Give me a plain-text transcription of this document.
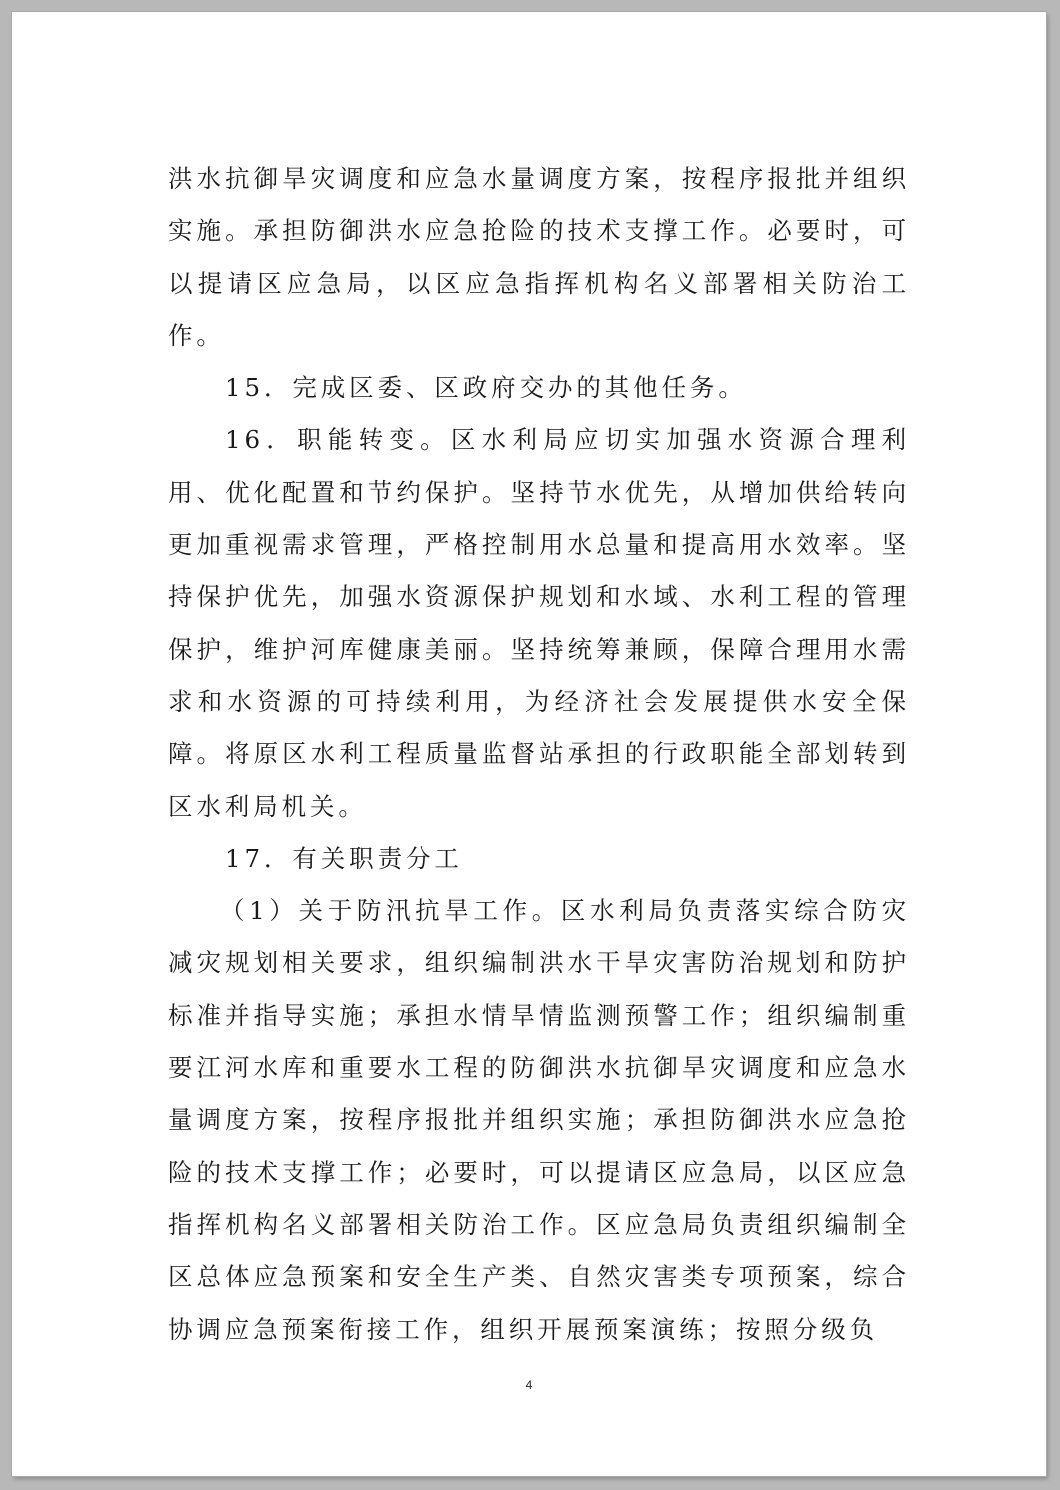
洪水抗御旱灾调度和应急水量调度方案，按程序报批并组织实施。承担防御洪水应急抢险的技术支撑工作。必要时，可以提请区应急局，以区应急指挥机构名义部署相关防治工作。

15．完成区委、区政府交办的其他任务。

16．职能转变。区水利局应切实加强水资源合理利用、优化配置和节约保护。坚持节水优先，从增加供给转向更加重视需求管理，严格控制用水总量和提高用水效率。坚持保护优先，加强水资源保护规划和水域、水利工程的管理保护，维护河库健康美丽。坚持统筹兼顾，保障合理用水需求和水资源的可持续利用，为经济社会发展提供水安全保障。将原区水利工程质量监督站承担的行政职能全部划转到区水利局机关。

17．有关职责分工

（1）关于防汛抗旱工作。区水利局负责落实综合防灾减灾规划相关要求，组织编制洪水干旱灾害防治规划和防护标准并指导实施；承担水情旱情监测预警工作；组织编制重要江河水库和重要水工程的防御洪水抗御旱灾调度和应急水量调度方案，按程序报批并组织实施；承担防御洪水应急抢险的技术支撑工作；必要时，可以提请区应急局，以区应急指挥机构名义部署相关防治工作。区应急局负责组织编制全区总体应急预案和安全生产类、自然灾害类专项预案，综合协调应急预案衔接工作，组织开展预案演练；按照分级负

4
